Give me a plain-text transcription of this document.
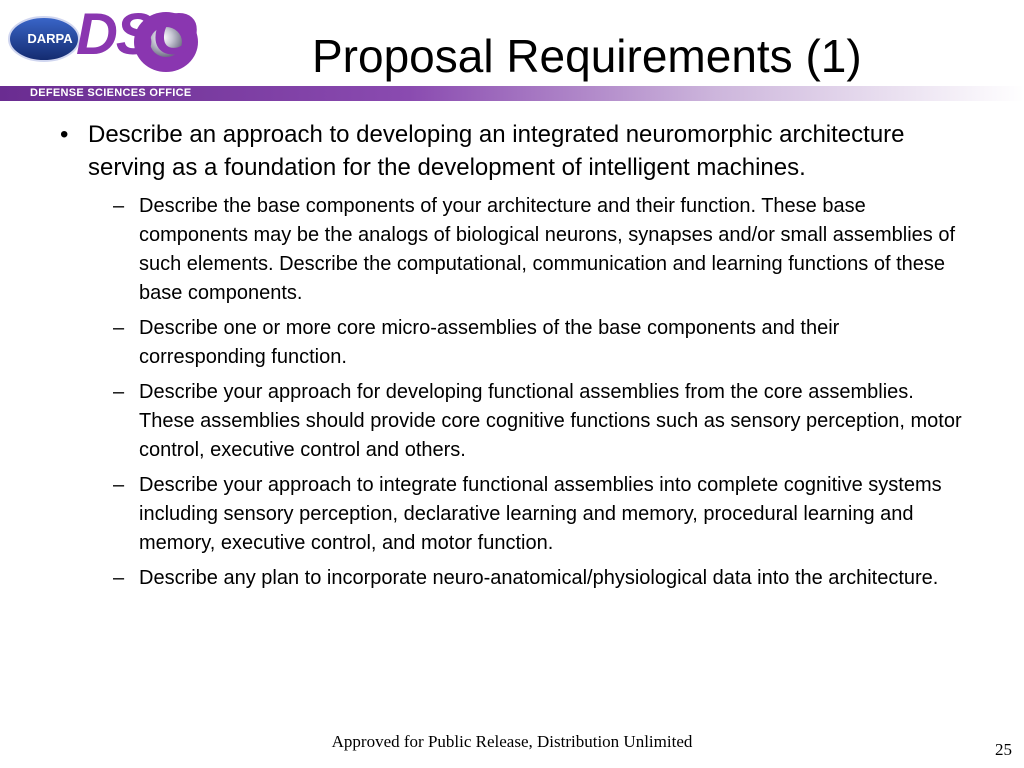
DARPA DSO
DEFENSE SCIENCES OFFICE
Proposal Requirements (1)
• Describe an approach to developing an integrated neuromorphic architecture serving as a foundation for the development of intelligent machines.
– Describe the base components of your architecture and their function. These base components may be the analogs of biological neurons, synapses and/or small assemblies of such elements. Describe the computational, communication and learning functions of these base components.
– Describe one or more core micro-assemblies of the base components and their corresponding function.
– Describe your approach for developing functional assemblies from the core assemblies. These assemblies should provide core cognitive functions such as sensory perception, motor control, executive control and others.
– Describe your approach to integrate functional assemblies into complete cognitive systems including sensory perception, declarative learning and memory, procedural learning and memory, executive control, and motor function.
– Describe any plan to incorporate neuro-anatomical/physiological data into the architecture.
Approved for Public Release, Distribution Unlimited	25
